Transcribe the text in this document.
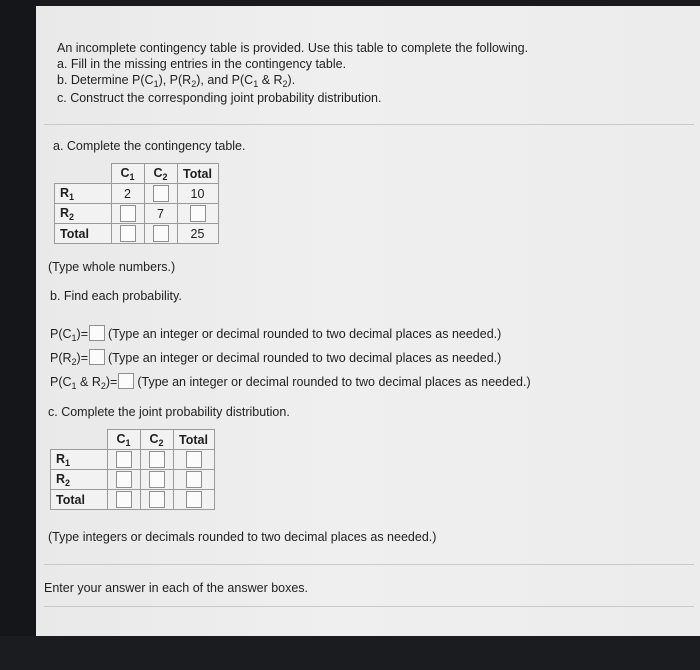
An incomplete contingency table is provided. Use this table to complete the following.
a. Fill in the missing entries in the contingency table.
b. Determine $P(C_1)$, $P(R_2)$, and $P(C_1$ & $R_2$).
c. Construct the corresponding joint probability distribution.
a. Complete the contingency table.
	$C_1$	$C_2$	Total
$R_1$	2		10
$R_2$		7	
Total			25
(Type whole numbers.)
b. Find each probability.
$P(C_1)=$ (Type an integer or decimal rounded to two decimal places as needed.)
$P(R_2)=$ (Type an integer or decimal rounded to two decimal places as needed.)
$P(C_1$ & $R_2)=$ (Type an integer or decimal rounded to two decimal places as needed.)
c. Complete the joint probability distribution.
	$C_1$	$C_2$	Total
$R_1$			
$R_2$			
Total			
(Type integers or decimals rounded to two decimal places as needed.)
Enter your answer in each of the answer boxes.
